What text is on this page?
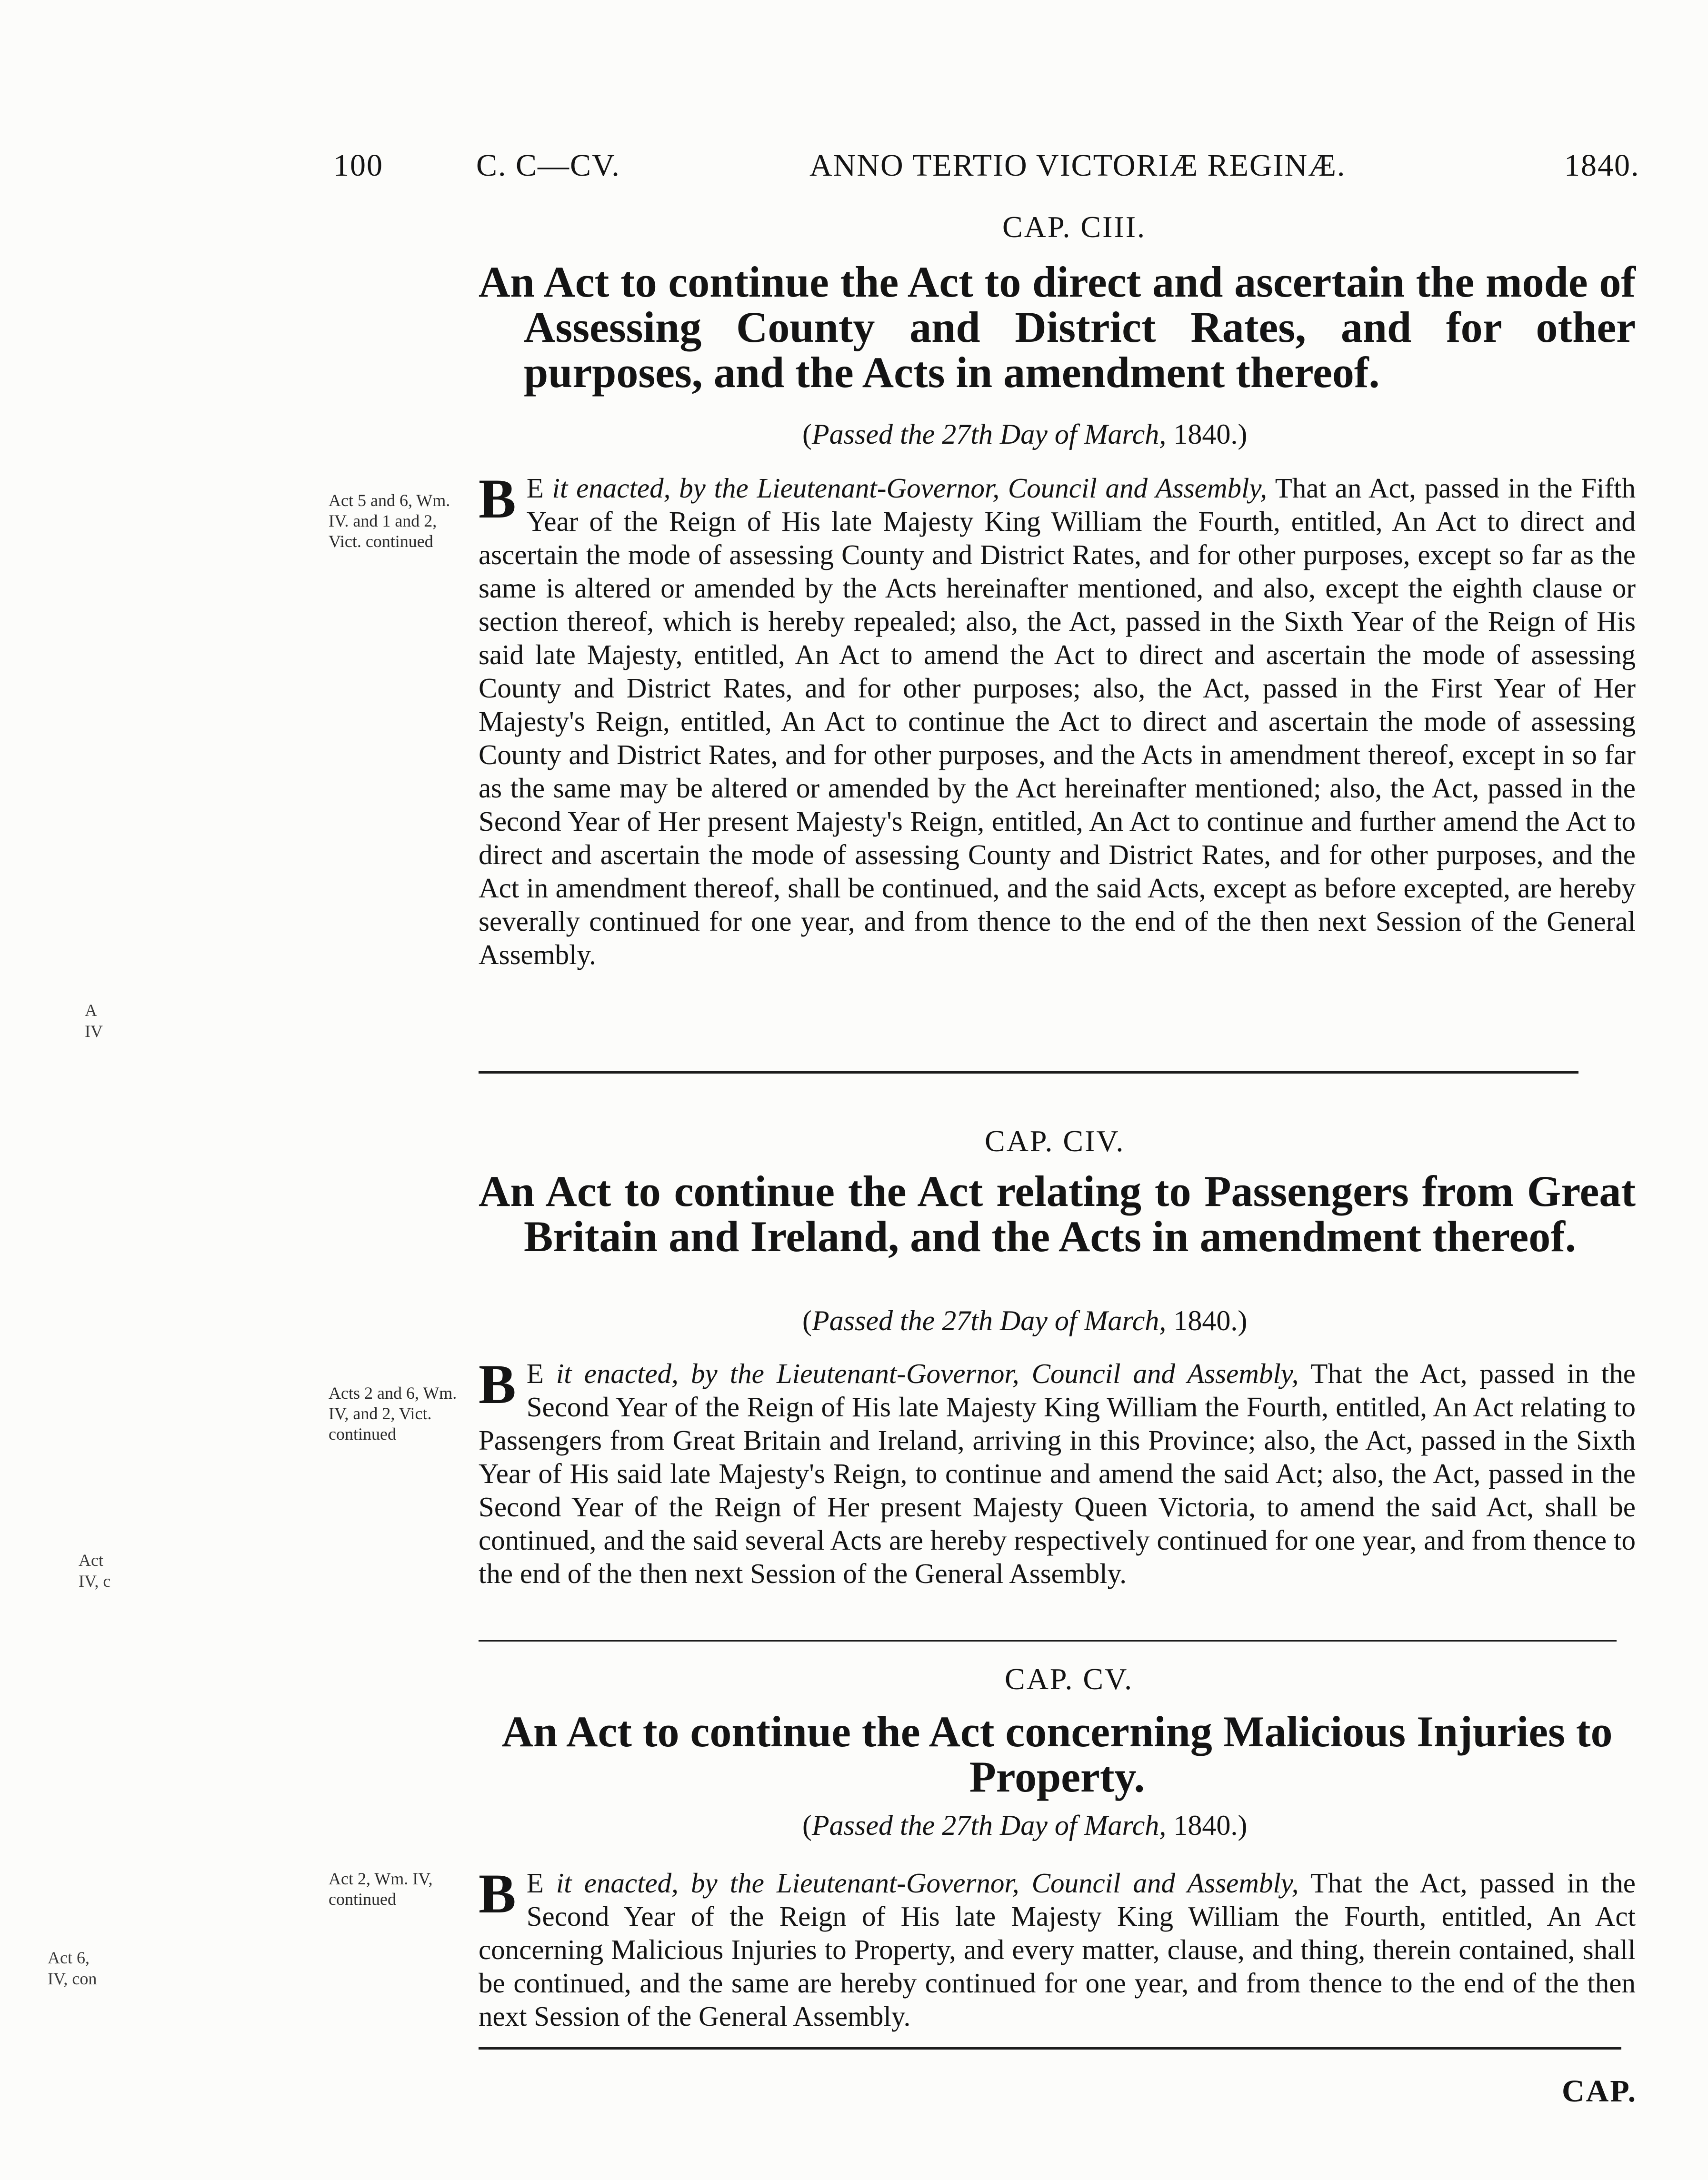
100	C. C—CV.	ANNO TERTIO VICTORIÆ REGINÆ.	1840.
A
IV
Act
IV, c
Act 6,
IV, con
CAP. CIII.
An Act to continue the Act to direct and ascertain the mode of Assessing County and District Rates, and for other purposes, and the Acts in amendment thereof.
(Passed the 27th Day of March, 1840.)
Act 5 and 6, Wm. IV. and 1 and 2, Vict. continued
B E it enacted, by the Lieutenant-Governor, Council and Assembly, That an Act, passed in the Fifth Year of the Reign of His late Majesty King William the Fourth, entitled, An Act to direct and ascertain the mode of assessing County and District Rates, and for other purposes, except so far as the same is altered or amended by the Acts hereinafter mentioned, and also, except the eighth clause or section thereof, which is hereby repealed; also, the Act, passed in the Sixth Year of the Reign of His said late Majesty, entitled, An Act to amend the Act to direct and ascertain the mode of assessing County and District Rates, and for other purposes; also, the Act, passed in the First Year of Her Majesty's Reign, entitled, An Act to continue the Act to direct and ascertain the mode of assessing County and District Rates, and for other purposes, and the Acts in amendment thereof, except in so far as the same may be altered or amended by the Act hereinafter mentioned; also, the Act, passed in the Second Year of Her present Majesty's Reign, entitled, An Act to continue and further amend the Act to direct and ascertain the mode of assessing County and District Rates, and for other purposes, and the Act in amendment thereof, shall be continued, and the said Acts, except as before excepted, are hereby severally continued for one year, and from thence to the end of the then next Session of the General Assembly.
CAP. CIV.
An Act to continue the Act relating to Passengers from Great Britain and Ireland, and the Acts in amendment thereof.
(Passed the 27th Day of March, 1840.)
Acts 2 and 6, Wm. IV, and 2, Vict. continued
B E it enacted, by the Lieutenant-Governor, Council and Assembly, That the Act, passed in the Second Year of the Reign of His late Majesty King William the Fourth, entitled, An Act relating to Passengers from Great Britain and Ireland, arriving in this Province; also, the Act, passed in the Sixth Year of His said late Majesty's Reign, to continue and amend the said Act; also, the Act, passed in the Second Year of the Reign of Her present Majesty Queen Victoria, to amend the said Act, shall be continued, and the said several Acts are hereby respectively continued for one year, and from thence to the end of the then next Session of the General Assembly.
CAP. CV.
An Act to continue the Act concerning Malicious Injuries to Property.
(Passed the 27th Day of March, 1840.)
Act 2, Wm. IV, continued	B E it enacted, by the Lieutenant-Governor, Council and Assembly, That the Act, passed in the Second Year of the Reign of His late Majesty King William the Fourth, entitled, An Act concerning Malicious Injuries to Property, and every matter, clause, and thing, therein contained, shall be continued, and the same are hereby continued for one year, and from thence to the end of the then next Session of the General Assembly.
CAP.
